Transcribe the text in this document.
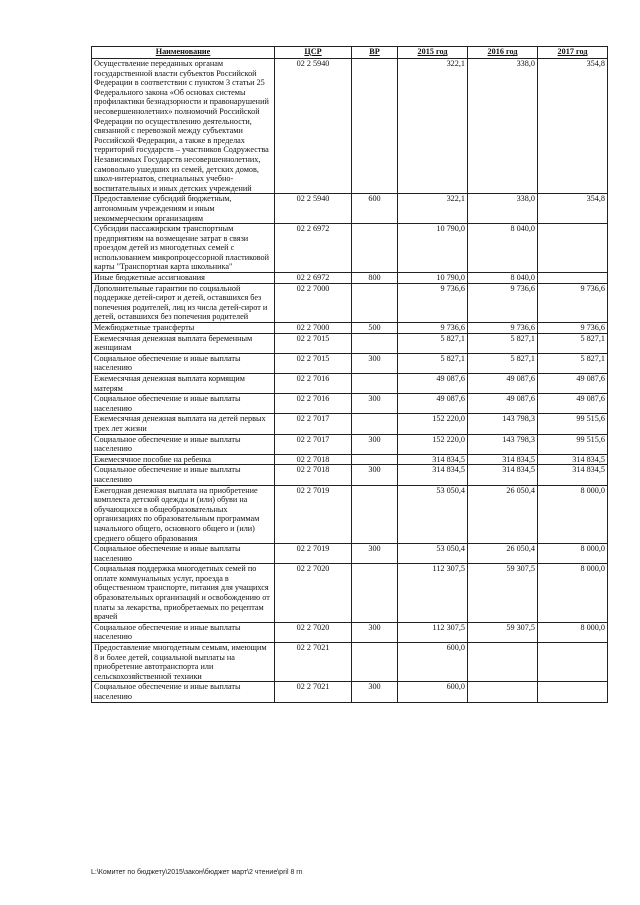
Наименование	ЦСР	ВР	2015 год	2016 год	2017 год
Осуществление переданных органам государственной власти субъектов Российской Федерации в соответствии с пунктом 3 статьи 25 Федерального закона «Об основах системы профилактики безнадзорности и правонарушений несовершеннолетних» полномочий Российской Федерации по осуществлению деятельности, связанной с перевозкой между субъектами Российской Федерации, а также в пределах территорий государств – участников Содружества Независимых Государств несовершеннолетних, самовольно ушедших из семей, детских домов, школ-интернатов, специальных учебно-воспитательных и иных детских учреждений	02 2 5940		322,1	338,0	354,8
Предоставление субсидий бюджетным, автономным учреждениям и иным некоммерческим организациям	02 2 5940	600	322,1	338,0	354,8
Субсидии пассажирским транспортным предприятиям на возмещение затрат в связи проездом детей из многодетных семей с использованием микропроцессорной пластиковой карты "Транспортная карта школьника"	02 2 6972		10 790,0	8 040,0	
Иные бюджетные ассигнования	02 2 6972	800	10 790,0	8 040,0	
Дополнительные гарантии по социальной поддержке детей-сирот и детей, оставшихся без попечения родителей, лиц из числа детей-сирот и детей, оставшихся без попечения родителей	02 2 7000		9 736,6	9 736,6	9 736,6
Межбюджетные трансферты	02 2 7000	500	9 736,6	9 736,6	9 736,6
Ежемесячная денежная выплата беременным женщинам	02 2 7015		5 827,1	5 827,1	5 827,1
Социальное обеспечение и иные выплаты населению	02 2 7015	300	5 827,1	5 827,1	5 827,1
Ежемесячная денежная выплата кормящим матерям	02 2 7016		49 087,6	49 087,6	49 087,6
Социальное обеспечение и иные выплаты населению	02 2 7016	300	49 087,6	49 087,6	49 087,6
Ежемесячная денежная выплата на детей первых трех лет жизни	02 2 7017		152 220,0	143 798,3	99 515,6
Социальное обеспечение и иные выплаты населению	02 2 7017	300	152 220,0	143 798,3	99 515,6
Ежемесячное пособие на ребенка	02 2 7018		314 834,5	314 834,5	314 834,5
Социальное обеспечение и иные выплаты населению	02 2 7018	300	314 834,5	314 834,5	314 834,5
Ежегодная денежная выплата на приобретение комплекта детской одежды и (или) обуви на обучающихся в общеобразовательных организациях по образовательным программам начального общего, основного общего и (или) среднего общего образования	02 2 7019		53 050,4	26 050,4	8 000,0
Социальное обеспечение и иные выплаты населению	02 2 7019	300	53 050,4	26 050,4	8 000,0
Социальная поддержка многодетных семей по оплате коммунальных услуг, проезда в общественном транспорте, питания для учащихся образовательных организаций и освобождению от платы за лекарства, приобретаемых по рецептам врачей	02 2 7020		112 307,5	59 307,5	8 000,0
Социальное обеспечение и иные выплаты населению	02 2 7020	300	112 307,5	59 307,5	8 000,0
Предоставление многодетным семьям, имеющим 8 и более детей, социальной выплаты на приобретение автотранспорта или сельскохозяйственной техники	02 2 7021		600,0		
Социальное обеспечение и иные выплаты населению	02 2 7021	300	600,0		
L:\Комитет по бюджету\2015\закон\бюджет март\2 чтение\pril 8 rn
